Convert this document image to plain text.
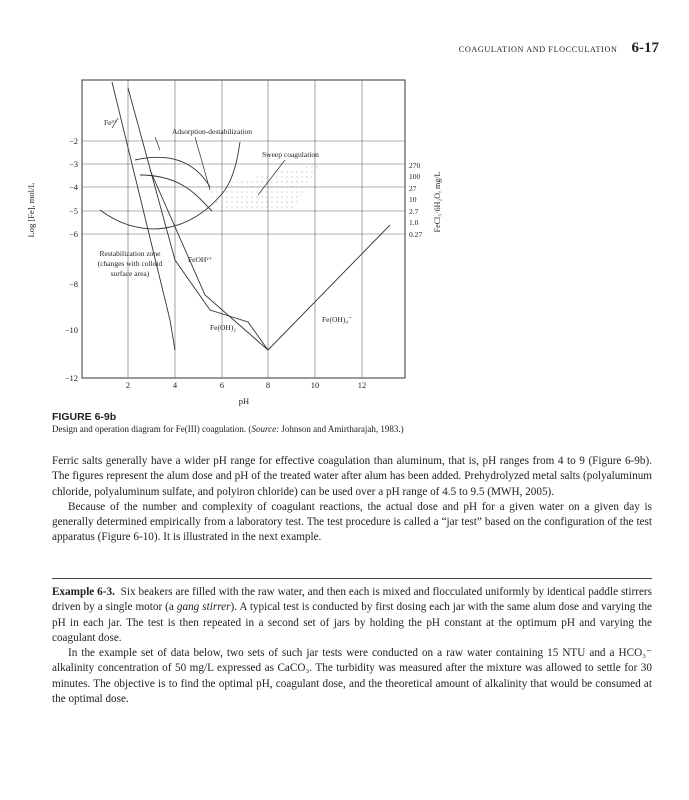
COAGULATION AND FLOCCULATION 6-17
2	4	6	8	10	12
−2
−3
−4
−5
−6
−8
−10
−12
270
100
27
10
2.7
1.0
0.27
pH
Log [Fe], mol/L	FeCl₃·6H₂O, mg/L
Fe³⁺
Adsorption-destabilization
Sweep coagulation
Restabilization zone
(changes with colloid
surface area)
FeOH²⁺
Fe(OH)₂
Fe(OH)₄⁻
FIGURE 6-9b
Design and operation diagram for Fe(III) coagulation. (Source: Johnson and Amirtharajah, 1983.)

Ferric salts generally have a wider pH range for effective coagulation than aluminum, that is, pH ranges from 4 to 9 (Figure 6-9b). The figures represent the alum dose and pH of the treated water after alum has been added. Prehydrolyzed metal salts (polyaluminum chloride, polyaluminum sulfate, and polyiron chloride) can be used over a pH range of 4.5 to 9.5 (MWH, 2005).

Because of the number and complexity of coagulant reactions, the actual dose and pH for a given water on a given day is generally determined empirically from a laboratory test. The test procedure is called a “jar test” based on the configuration of the test apparatus (Figure 6-10). It is illustrated in the next example.

Example 6-3. Six beakers are filled with the raw water, and then each is mixed and flocculated uniformly by identical paddle stirrers driven by a single motor (a gang stirrer). A typical test is conducted by first dosing each jar with the same alum dose and varying the pH in each jar. The test is then repeated in a second set of jars by holding the pH constant at the optimum pH and varying the coagulant dose.

In the example set of data below, two sets of such jar tests were conducted on a raw water containing 15 NTU and a HCO₃⁻ alkalinity concentration of 50 mg/L expressed as CaCO₃. The turbidity was measured after the mixture was allowed to settle for 30 minutes. The objective is to find the optimal pH, coagulant dose, and the theoretical amount of alkalinity that would be consumed at the optimal dose.
